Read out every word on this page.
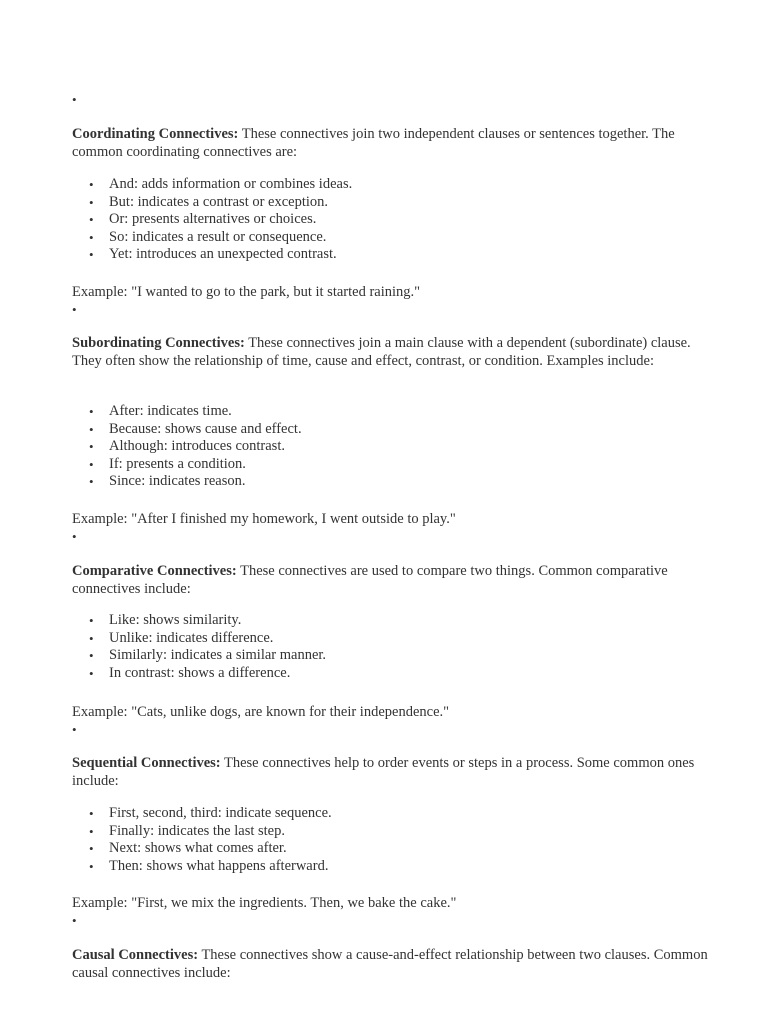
•

Coordinating Connectives: These connectives join two independent clauses or sentences together. The common coordinating connectives are:

• And: adds information or combines ideas.
• But: indicates a contrast or exception.
• Or: presents alternatives or choices.
• So: indicates a result or consequence.
• Yet: introduces an unexpected contrast.

Example: "I wanted to go to the park, but it started raining."

•

Subordinating Connectives: These connectives join a main clause with a dependent (subordinate) clause. They often show the relationship of time, cause and effect, contrast, or condition. Examples include:

• After: indicates time.
• Because: shows cause and effect.
• Although: introduces contrast.
• If: presents a condition.
• Since: indicates reason.

Example: "After I finished my homework, I went outside to play."

•

Comparative Connectives: These connectives are used to compare two things. Common comparative connectives include:

• Like: shows similarity.
• Unlike: indicates difference.
• Similarly: indicates a similar manner.
• In contrast: shows a difference.

Example: "Cats, unlike dogs, are known for their independence."

•

Sequential Connectives: These connectives help to order events or steps in a process. Some common ones include:

• First, second, third: indicate sequence.
• Finally: indicates the last step.
• Next: shows what comes after.
• Then: shows what happens afterward.

Example: "First, we mix the ingredients. Then, we bake the cake."

•

Causal Connectives: These connectives show a cause-and-effect relationship between two clauses. Common causal connectives include:
